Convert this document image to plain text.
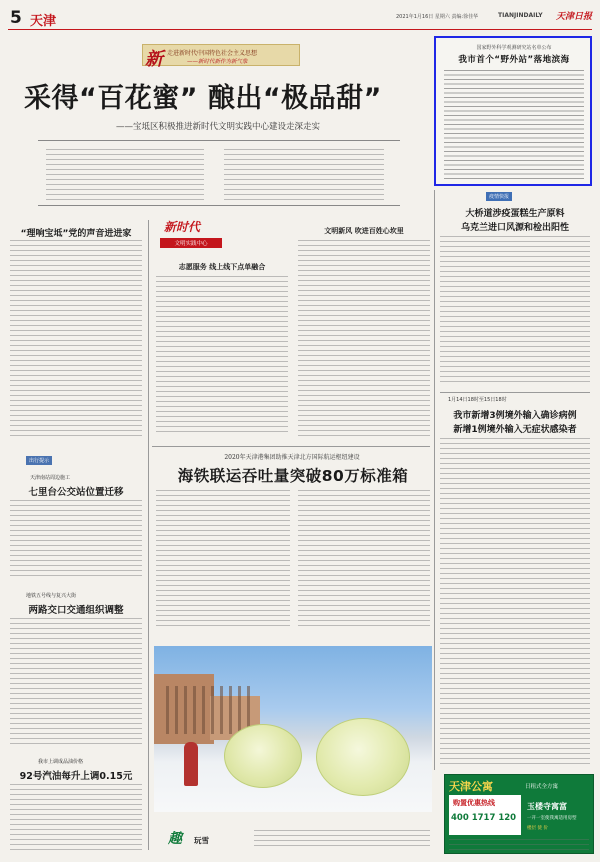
5 天津	2021年1月16日 星期六 责编:徐佳华	TIANJINDAILY 天津日报
新 走进新时代中国特色社会主义思想
——新时代新作为新气象
采得“百花蜜” 酿出“极品甜”
——宝坻区积极推进新时代文明实践中心建设走深走实
国家野外科学观测研究站名单公布
我市首个“野外站”落地滨海
疫情快报
大桥道涉疫蛋糕生产原料
乌克兰进口风源和检出阳性
1月14日18时至15日18时
我市新增3例境外输入确诊病例
新增1例境外输入无症状感染者
“理响宝坻”党的声音进进家
出行提示
天津南站周边施工
七里台公交站位置迁移
地铁五号线与复兴大街
两路交口交通组织调整
我市上调成品油价格
92号汽油每升上调0.15元
新时代
文明实践中心
志愿服务 线上线下点单融合
文明新风 吹进百姓心坎里
2020年天津港集团助推天津北方国际航运枢纽建设
海铁联运吞吐量突破80万标准箱
趣 玩雪
天津公寓	日租式全方寓
购置优惠热线
400 1717 120
玉楼寺寓富
一开一室使我寓适用房型
楼层 使 价
